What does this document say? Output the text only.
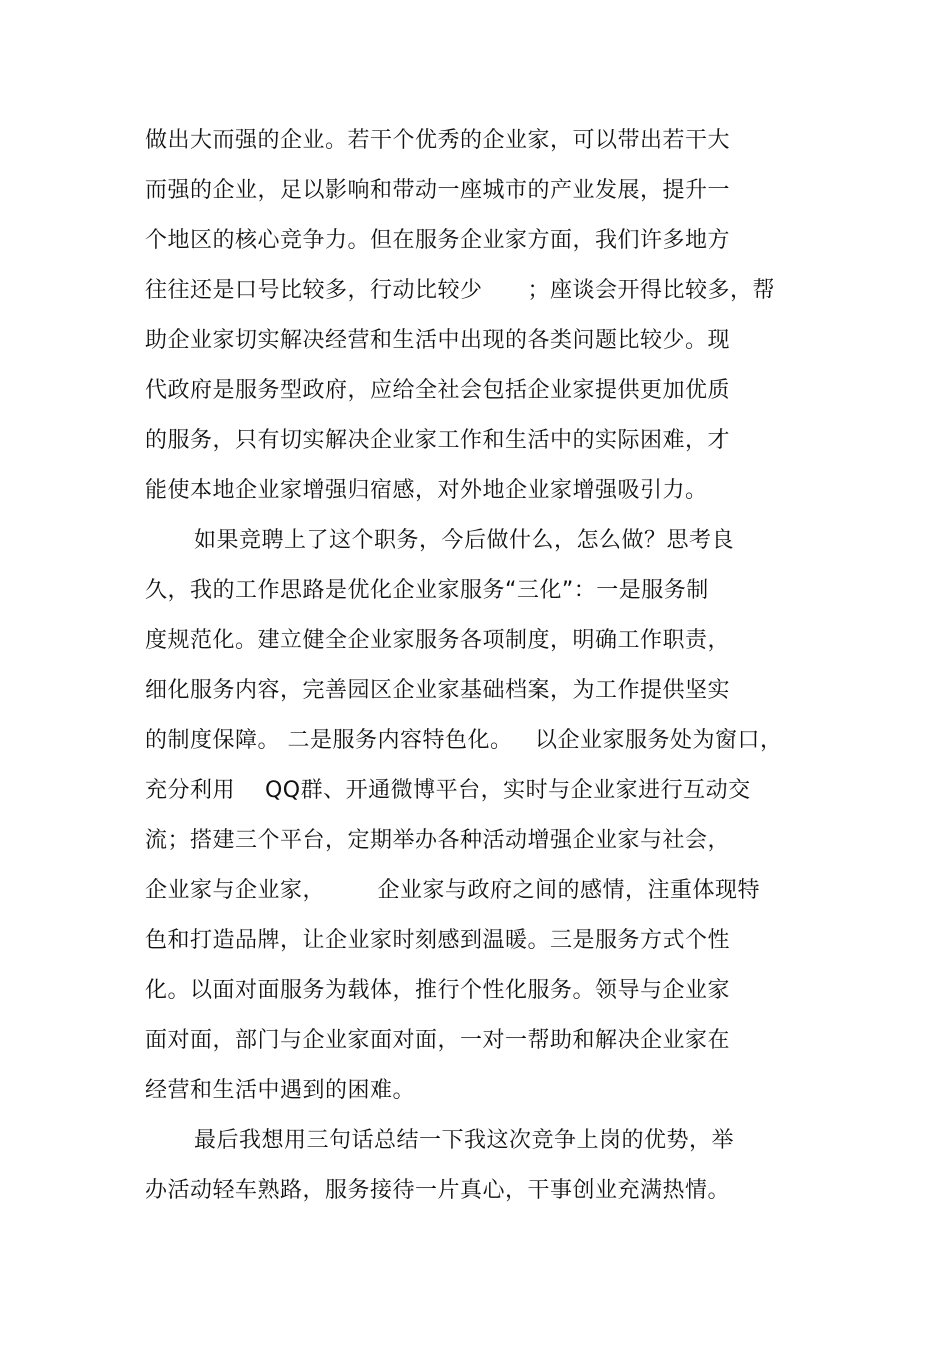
做出大而强的企业。若干个优秀的企业家，可以带出若干大
而强的企业，足以影响和带动一座城市的产业发展，提升一
个地区的核心竞争力。但在服务企业家方面，我们许多地方
往往还是口号比较多，行动比较少      ；座谈会开得比较多，帮
助企业家切实解决经营和生活中出现的各类问题比较少。现
代政府是服务型政府，应给全社会包括企业家提供更加优质
的服务，只有切实解决企业家工作和生活中的实际困难，才
能使本地企业家增强归宿感，对外地企业家增强吸引力。
如果竞聘上了这个职务，今后做什么，怎么做？思考良
久，我的工作思路是优化企业家服务“三化”：一是服务制
度规范化。建立健全企业家服务各项制度，明确工作职责，
细化服务内容，完善园区企业家基础档案，为工作提供坚实
的制度保障。 二是服务内容特色化。   以企业家服务处为窗口，
充分利用    QQ群、开通微博平台，实时与企业家进行互动交
流；搭建三个平台，定期举办各种活动增强企业家与社会，
企业家与企业家，       企业家与政府之间的感情，注重体现特
色和打造品牌，让企业家时刻感到温暖。三是服务方式个性
化。以面对面服务为载体，推行个性化服务。领导与企业家
面对面，部门与企业家面对面，一对一帮助和解决企业家在
经营和生活中遇到的困难。
最后我想用三句话总结一下我这次竞争上岗的优势，举
办活动轻车熟路，服务接待一片真心，干事创业充满热情。
